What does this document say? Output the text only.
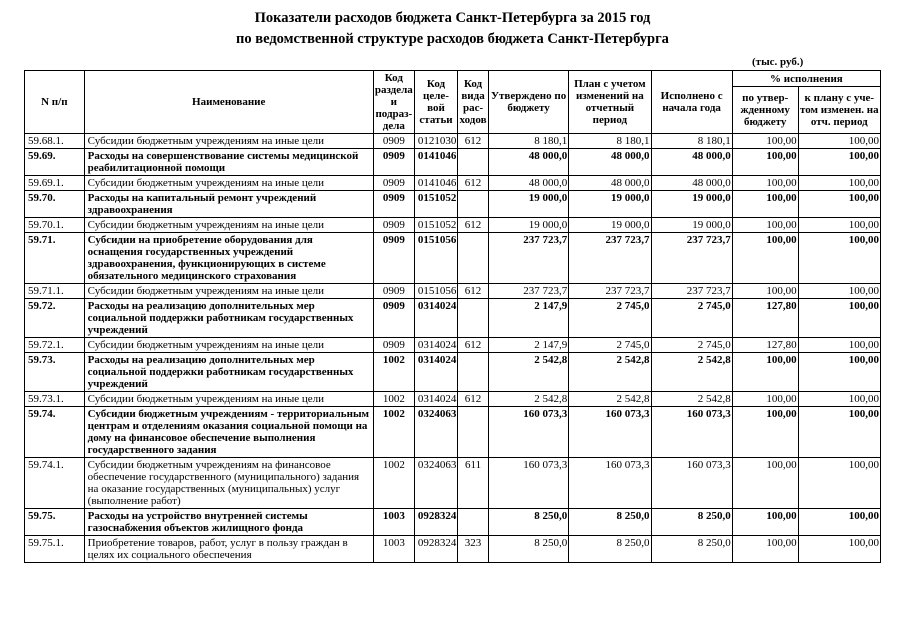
Показатели расходов бюджета Санкт-Петербурга за 2015 год
по ведомственной структуре расходов бюджета Санкт-Петербурга
(тыс. руб.)
N п/п	Наименование	Код раздела и подраз-дела	Код целе-вой статьи	Код вида рас-ходов	Утверждено по бюджету	План с учетом изменений на отчетный период	Исполнено с начала года	% исполнения	
								по утвер-жденному бюджету	к плану с уче-том изменен. на отч. период
59.68.1.	Субсидии бюджетным учреждениям на иные цели	0909	0121030	612	8 180,1	8 180,1	8 180,1	100,00	100,00
59.69.	Расходы на совершенствование системы медицинской реабилитационной помощи	0909	0141046		48 000,0	48 000,0	48 000,0	100,00	100,00
59.69.1.	Субсидии бюджетным учреждениям на иные цели	0909	0141046	612	48 000,0	48 000,0	48 000,0	100,00	100,00
59.70.	Расходы на капитальный ремонт учреждений здравоохранения	0909	0151052		19 000,0	19 000,0	19 000,0	100,00	100,00
59.70.1.	Субсидии бюджетным учреждениям на иные цели	0909	0151052	612	19 000,0	19 000,0	19 000,0	100,00	100,00
59.71.	Субсидии на приобретение оборудования для оснащения государственных учреждений здравоохранения, функционирующих в системе обязательного медицинского страхования	0909	0151056		237 723,7	237 723,7	237 723,7	100,00	100,00
59.71.1.	Субсидии бюджетным учреждениям на иные цели	0909	0151056	612	237 723,7	237 723,7	237 723,7	100,00	100,00
59.72.	Расходы на реализацию дополнительных мер социальной поддержки работникам государственных учреждений	0909	0314024		2 147,9	2 745,0	2 745,0	127,80	100,00
59.72.1.	Субсидии бюджетным учреждениям на иные цели	0909	0314024	612	2 147,9	2 745,0	2 745,0	127,80	100,00
59.73.	Расходы на реализацию дополнительных мер социальной поддержки работникам государственных учреждений	1002	0314024		2 542,8	2 542,8	2 542,8	100,00	100,00
59.73.1.	Субсидии бюджетным учреждениям на иные цели	1002	0314024	612	2 542,8	2 542,8	2 542,8	100,00	100,00
59.74.	Субсидии бюджетным учреждениям - территориальным центрам и отделениям оказания социальной помощи на дому на финансовое обеспечение выполнения государственного задания	1002	0324063		160 073,3	160 073,3	160 073,3	100,00	100,00
59.74.1.	Субсидии бюджетным учреждениям на финансовое обеспечение государственного (муниципального) задания на оказание государственных (муниципальных) услуг (выполнение работ)	1002	0324063	611	160 073,3	160 073,3	160 073,3	100,00	100,00
59.75.	Расходы на устройство внутренней системы газоснабжения объектов жилищного фонда	1003	0928324		8 250,0	8 250,0	8 250,0	100,00	100,00
59.75.1.	Приобретение товаров, работ, услуг в пользу граждан в целях их социального обеспечения	1003	0928324	323	8 250,0	8 250,0	8 250,0	100,00	100,00
